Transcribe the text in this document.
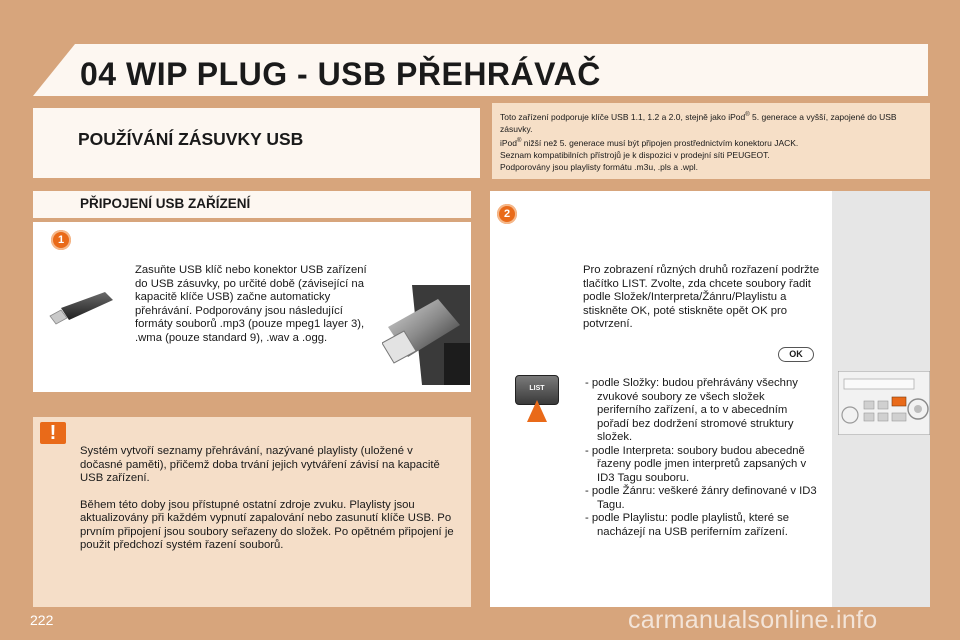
04 WIP PLUG - USB PŘEHRÁVAČ
POUŽÍVÁNÍ ZÁSUVKY USB
Toto zařízení podporuje klíče USB 1.1, 1.2 a 2.0, stejně jako iPod® 5. generace a vyšší, zapojené do USB zásuvky.
iPod® nižší než 5. generace musí být připojen prostřednictvím konektoru JACK.
Seznam kompatibilních přístrojů je k dispozici v prodejní síti PEUGEOT.
Podporovány jsou playlisty formátu .m3u, .pls a .wpl.
PŘIPOJENÍ USB ZAŘÍZENÍ
1
Zasuňte USB klíč nebo konektor USB zařízení do USB zásuvky, po určité době (závisející na kapacitě klíče USB) začne automaticky přehrávání. Podporovány jsou následující formáty souborů .mp3 (pouze mpeg1 layer 3), .wma (pouze standard 9), .wav a .ogg.
!

Systém vytvoří seznamy přehrávání, nazývané playlisty (uložené v dočasné paměti), přičemž doba trvání jejich vytváření závisí na kapacitě USB zařízení.

Během této doby jsou přístupné ostatní zdroje zvuku. Playlisty jsou aktualizovány při každém vypnutí zapalování nebo zasunutí klíče USB. Po prvním připojení jsou soubory seřazeny do složek. Po opětném připojení je použit předchozí systém řazení souborů.

2
Pro zobrazení různých druhů rozřazení podržte tlačítko LIST. Zvolte, zda chcete soubory řadit podle Složek/Interpreta/Žánru/Playlistu a stiskněte OK, poté stiskněte opět OK pro potvrzení.
OK
LIST	- podle Složky: budou přehrávány všechny zvukové soubory ze všech složek periferního zařízení, a to v abecedním pořadí bez dodržení stromové struktury složek.
- podle Interpreta: soubory budou abecedně řazeny podle jmen interpretů zapsaných v ID3 Tagu souboru.
- podle Žánru: veškeré žánry definované v ID3 Tagu.
- podle Playlistu: podle playlistů, které se nacházejí na USB periferním zařízení.
222	carmanualsonline.info
